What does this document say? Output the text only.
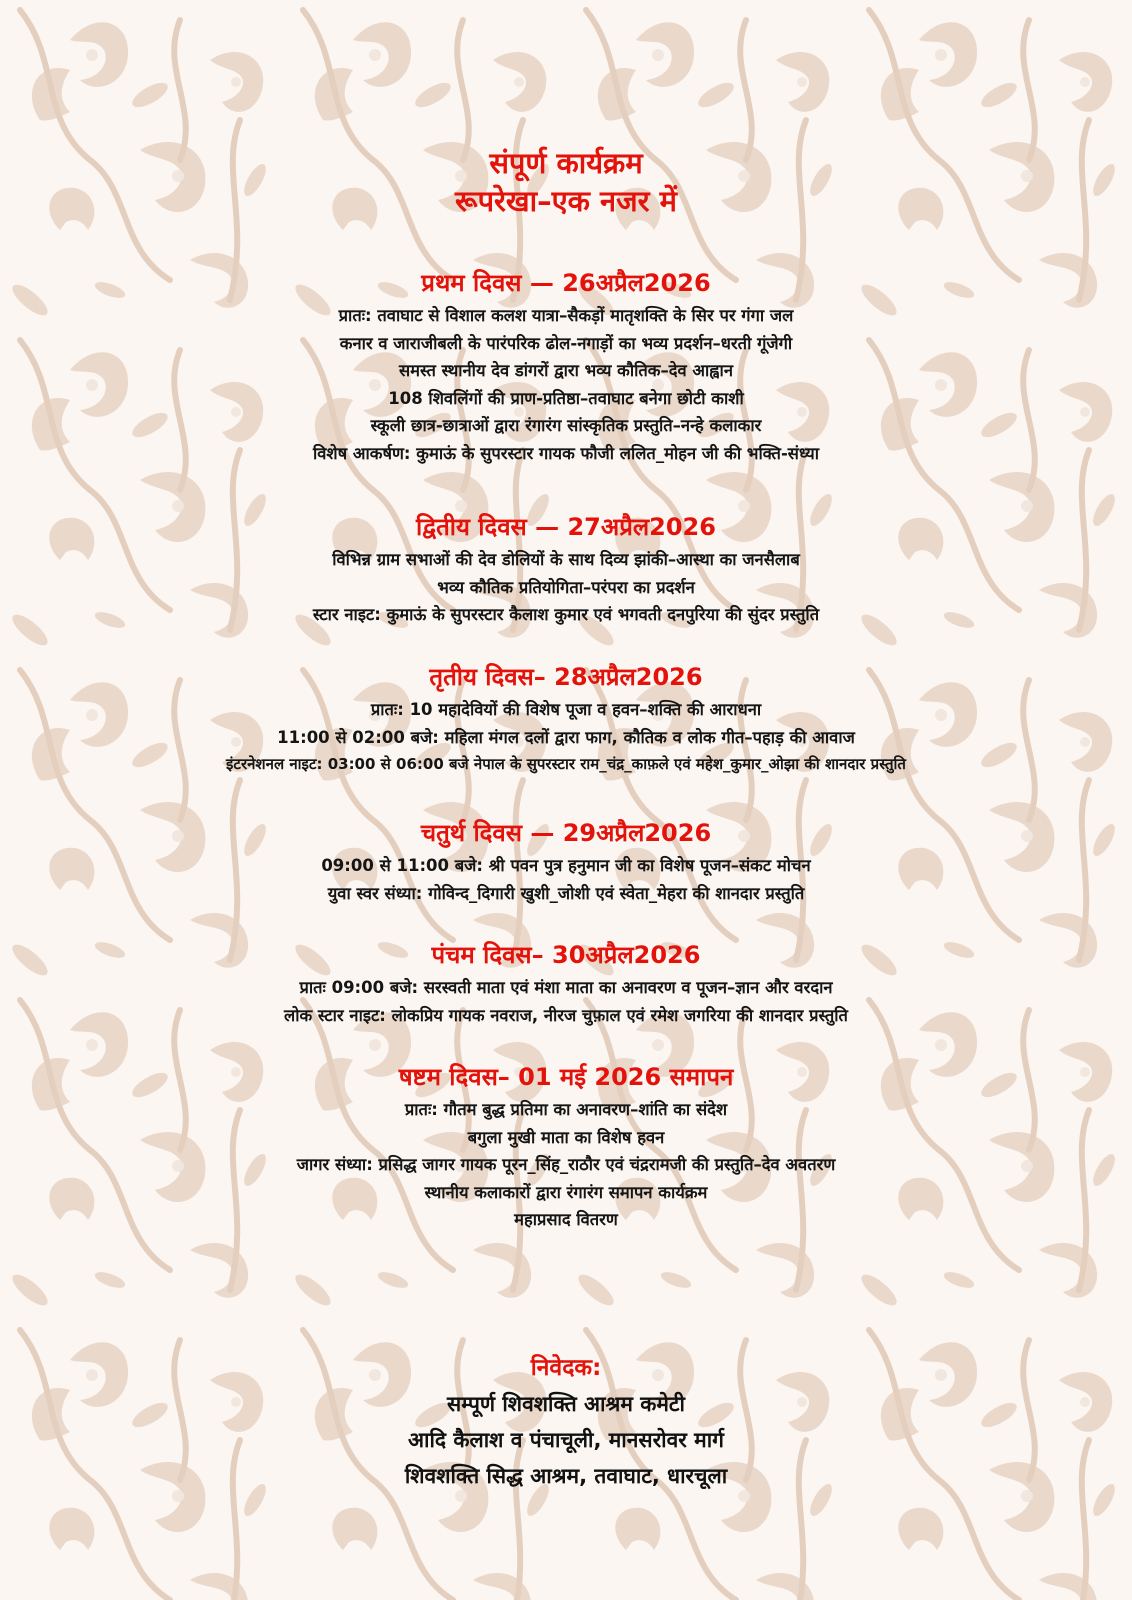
संपूर्ण कार्यक्रम

रूपरेखा–एक नजर में

प्रथम दिवस — 26अप्रैल2026

प्रातः: तवाघाट से विशाल कलश यात्रा–सैकड़ों मातृशक्ति के सिर पर गंगा जल

कनार व जाराजीबली के पारंपरिक ढोल-नगाड़ों का भव्य प्रदर्शन–धरती गूंजेगी

समस्त स्थानीय देव डांगरों द्वारा भव्य कौतिक–देव आह्वान

108 शिवलिंगों की प्राण-प्रतिष्ठा–तवाघाट बनेगा छोटी काशी

स्कूली छात्र-छात्राओं द्वारा रंगारंग सांस्कृतिक प्रस्तुति–नन्हे कलाकार

विशेष आकर्षण: कुमाऊं के सुपरस्टार गायक फौजी ललित_मोहन जी की भक्ति-संध्या

द्वितीय दिवस — 27अप्रैल2026

विभिन्न ग्राम सभाओं की देव डोलियों के साथ दिव्य झांकी–आस्था का जनसैलाब

भव्य कौतिक प्रतियोगिता–परंपरा का प्रदर्शन

स्टार नाइट: कुमाऊं के सुपरस्टार कैलाश कुमार एवं भगवती दनपुरिया की सुंदर प्रस्तुति

तृतीय दिवस– 28अप्रैल2026

प्रातः: 10 महादेवियों की विशेष पूजा व हवन–शक्ति की आराधना

11:00 से 02:00 बजे: महिला मंगल दलों द्वारा फाग, कौतिक व लोक गीत–पहाड़ की आवाज

इंटरनेशनल नाइट: 03:00 से 06:00 बजे नेपाल के सुपरस्टार राम_चंद्र_काफ़ले एवं महेश_कुमार_ओझा की शानदार प्रस्तुति

चतुर्थ दिवस — 29अप्रैल2026

09:00 से 11:00 बजे: श्री पवन पुत्र हनुमान जी का विशेष पूजन–संकट मोचन

युवा स्वर संध्या: गोविन्द_दिगारी खुशी_जोशी एवं स्वेता_मेहरा की शानदार प्रस्तुति

पंचम दिवस– 30अप्रैल2026

प्रातः 09:00 बजे: सरस्वती माता एवं मंशा माता का अनावरण व पूजन–ज्ञान और वरदान

लोक स्टार नाइट: लोकप्रिय गायक नवराज, नीरज चुफ़ाल एवं रमेश जगरिया की शानदार प्रस्तुति

षष्टम दिवस– 01 मई 2026 समापन

प्रातः: गौतम बुद्ध प्रतिमा का अनावरण–शांति का संदेश

बगुला मुखी माता का विशेष हवन

जागर संध्या: प्रसिद्ध जागर गायक पूरन_सिंह_राठौर एवं चंद्ररामजी की प्रस्तुति–देव अवतरण

स्थानीय कलाकारों द्वारा रंगारंग समापन कार्यक्रम

महाप्रसाद वितरण

निवेदक:

सम्पूर्ण शिवशक्ति आश्रम कमेटी

आदि कैलाश व पंचाचूली, मानसरोवर मार्ग

शिवशक्ति सिद्ध आश्रम, तवाघाट, धारचूला
